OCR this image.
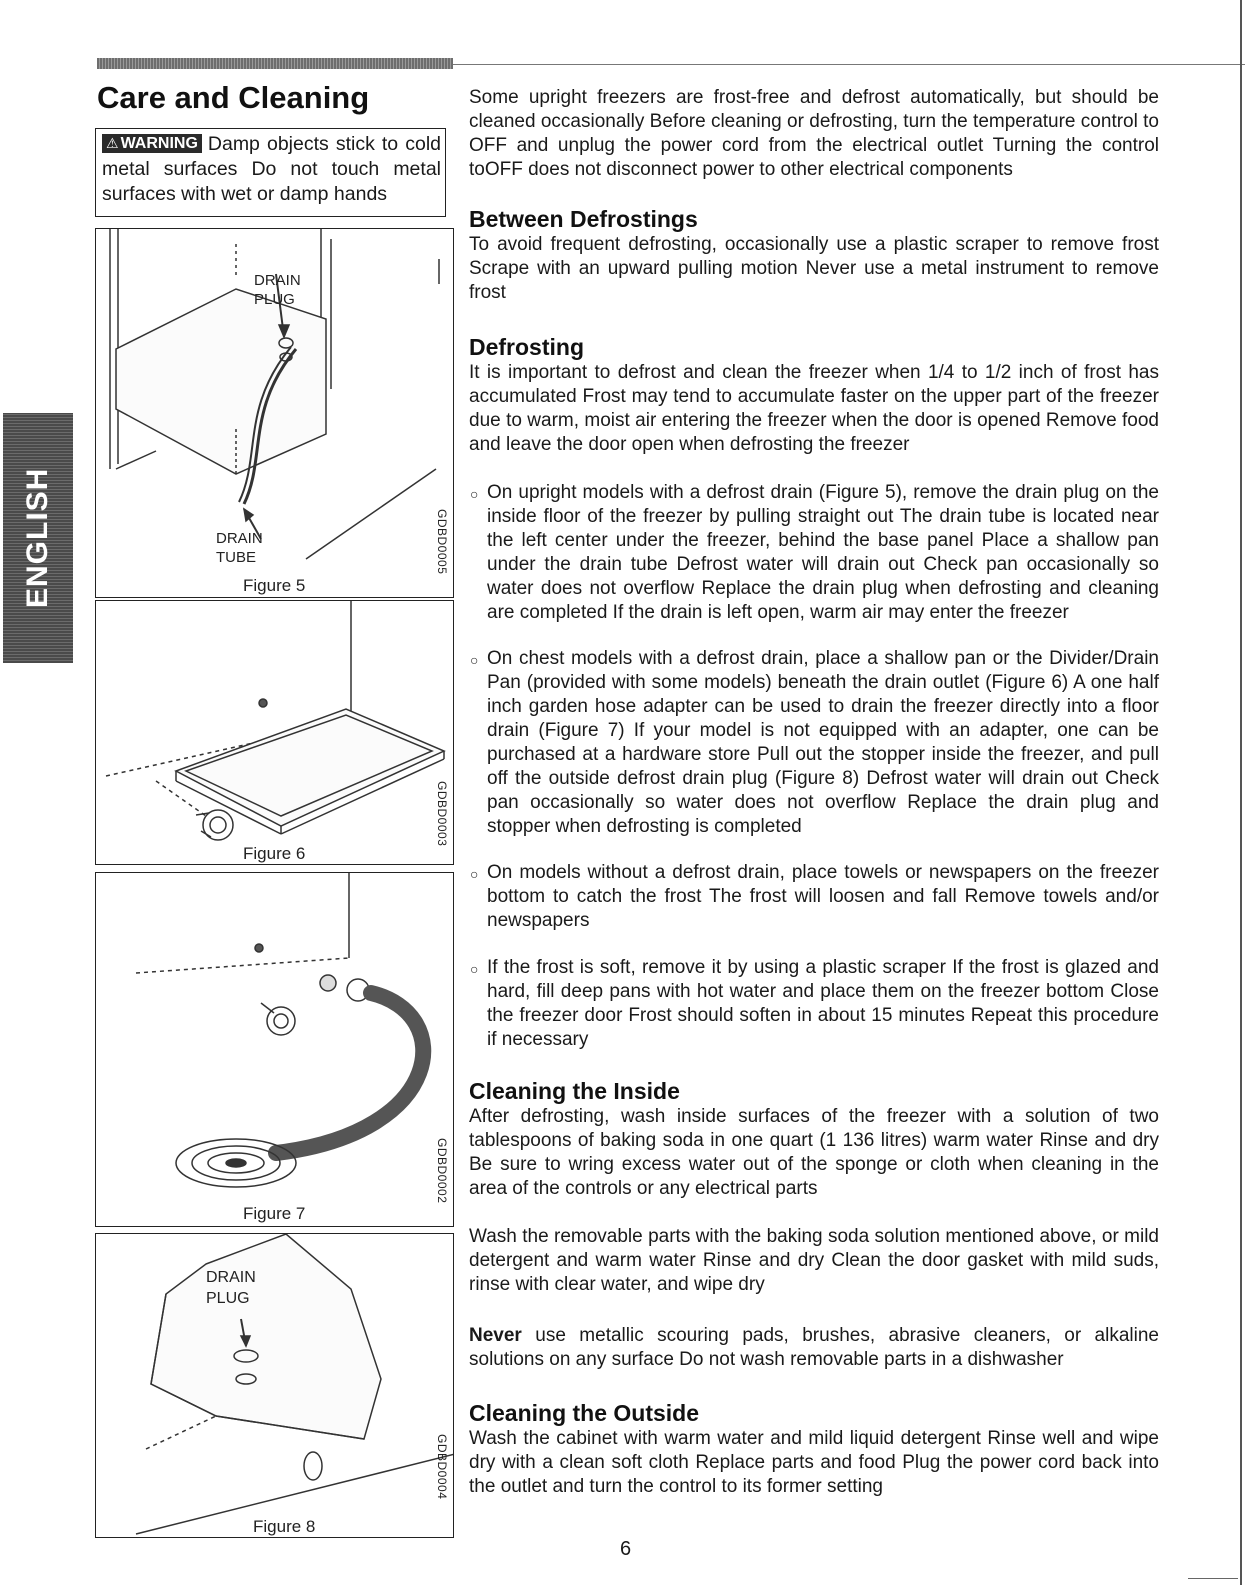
ENGLISH
Care and Cleaning
⚠ WARNING Damp objects stick to cold metal surfaces Do not touch metal surfaces with wet or damp hands
DRAIN
PLUG
DRAIN
TUBE
Figure 5
GDBD0005
Figure 6
GDBD0003
Figure 7
GDBD0002
DRAIN
PLUG
Figure 8
GDBD0004

Some upright freezers are frost-free and defrost automatically, but should be cleaned occasionally Before cleaning or defrosting, turn the temperature control to OFF and unplug the power cord from the electrical outlet Turning the control toOFF does not disconnect power to other electrical components

Between Defrostings

To avoid frequent defrosting, occasionally use a plastic scraper to remove frost Scrape with an upward pulling motion Never use a metal instrument to remove frost

Defrosting

It is important to defrost and clean the freezer when 1/4 to 1/2 inch of frost has accumulated Frost may tend to accumulate faster on the upper part of the freezer due to warm, moist air entering the freezer when the door is opened Remove food and leave the door open when defrosting the freezer

○ On upright models with a defrost drain (Figure 5), remove the drain plug on the inside floor of the freezer by pulling straight out The drain tube is located near the left center under the freezer, behind the base panel Place a shallow pan under the drain tube Defrost water will drain out Check pan occasionally so water does not overflow Replace the drain plug when defrosting and cleaning are completed If the drain is left open, warm air may enter the freezer

○ On chest models with a defrost drain, place a shallow pan or the Divider/Drain Pan (provided with some models) beneath the drain outlet (Figure 6) A one half inch garden hose adapter can be used to drain the freezer directly into a floor drain (Figure 7) If your model is not equipped with an adapter, one can be purchased at a hardware store Pull out the stopper inside the freezer, and pull off the outside defrost drain plug (Figure 8) Defrost water will drain out Check pan occasionally so water does not overflow Replace the drain plug and stopper when defrosting is completed

○ On models without a defrost drain, place towels or newspapers on the freezer bottom to catch the frost The frost will loosen and fall Remove towels and/or newspapers

○ If the frost is soft, remove it by using a plastic scraper If the frost is glazed and hard, fill deep pans with hot water and place them on the freezer bottom Close the freezer door Frost should soften in about 15 minutes Repeat this procedure if necessary

Cleaning the Inside

After defrosting, wash inside surfaces of the freezer with a solution of two tablespoons of baking soda in one quart (1 136 litres) warm water Rinse and dry Be sure to wring excess water out of the sponge or cloth when cleaning in the area of the controls or any electrical parts

Wash the removable parts with the baking soda solution mentioned above, or mild detergent and warm water Rinse and dry Clean the door gasket with mild suds, rinse with clear water, and wipe dry

Never use metallic scouring pads, brushes, abrasive cleaners, or alkaline solutions on any surface Do not wash removable parts in a dishwasher

Cleaning the Outside

Wash the cabinet with warm water and mild liquid detergent Rinse well and wipe dry with a clean soft cloth Replace parts and food Plug the power cord back into the outlet and turn the control to its former setting

6
